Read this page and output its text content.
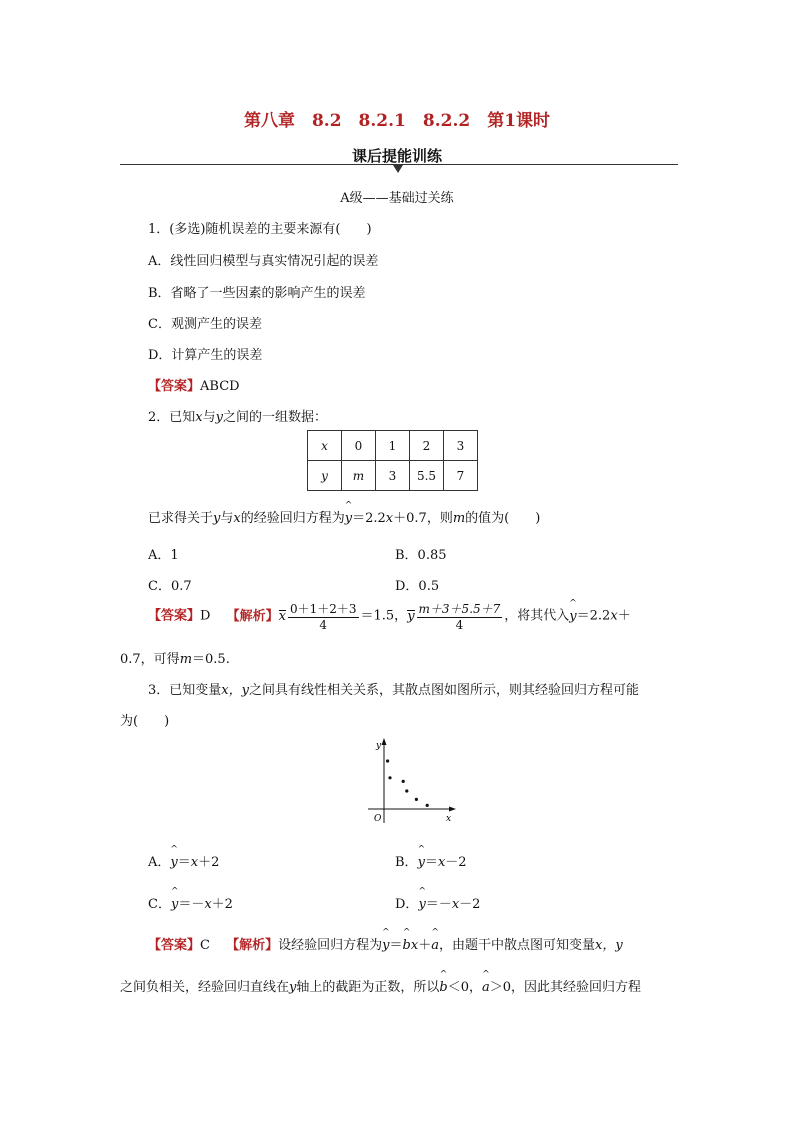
第八章　8.2　8.2.1　8.2.2　第1课时
课后提能训练
A级——基础过关练
1．(多选)随机误差的主要来源有(　　)
A．线性回归模型与真实情况引起的误差
B．省略了一些因素的影响产生的误差
C．观测产生的误差
D．计算产生的误差
【答案】ABCD
2．已知x与y之间的一组数据：
x	0	1	2	3
y	m	3	5.5	7
已求得关于y与x的经验回归方程为^ y＝2.2x＋0.7，则m的值为(　　)
A．1	B．0.85
C．0.7	D．0.5
【答案】D 【解析】x $\frac{0+1+2+3}{4} =1.5$，y $\frac{m+3+5.5+7}{4}$ ，将其代入^ y＝2.2x＋
0.7，可得m＝0.5.
3．已知变量x，y之间具有线性相关关系，其散点图如图所示，则其经验回归方程可能
为(　　)
y
x
O
A．^ y＝x＋2	B．^ y＝x－2
C．^ y＝－x＋2	D．^ y＝－x－2
【答案】C 【解析】设经验回归方程为^ y＝^ bx＋^ a，由题干中散点图可知变量x，y
之间负相关，经验回归直线在y轴上的截距为正数，所以^ b＜0，^ a＞0，因此其经验回归方程
